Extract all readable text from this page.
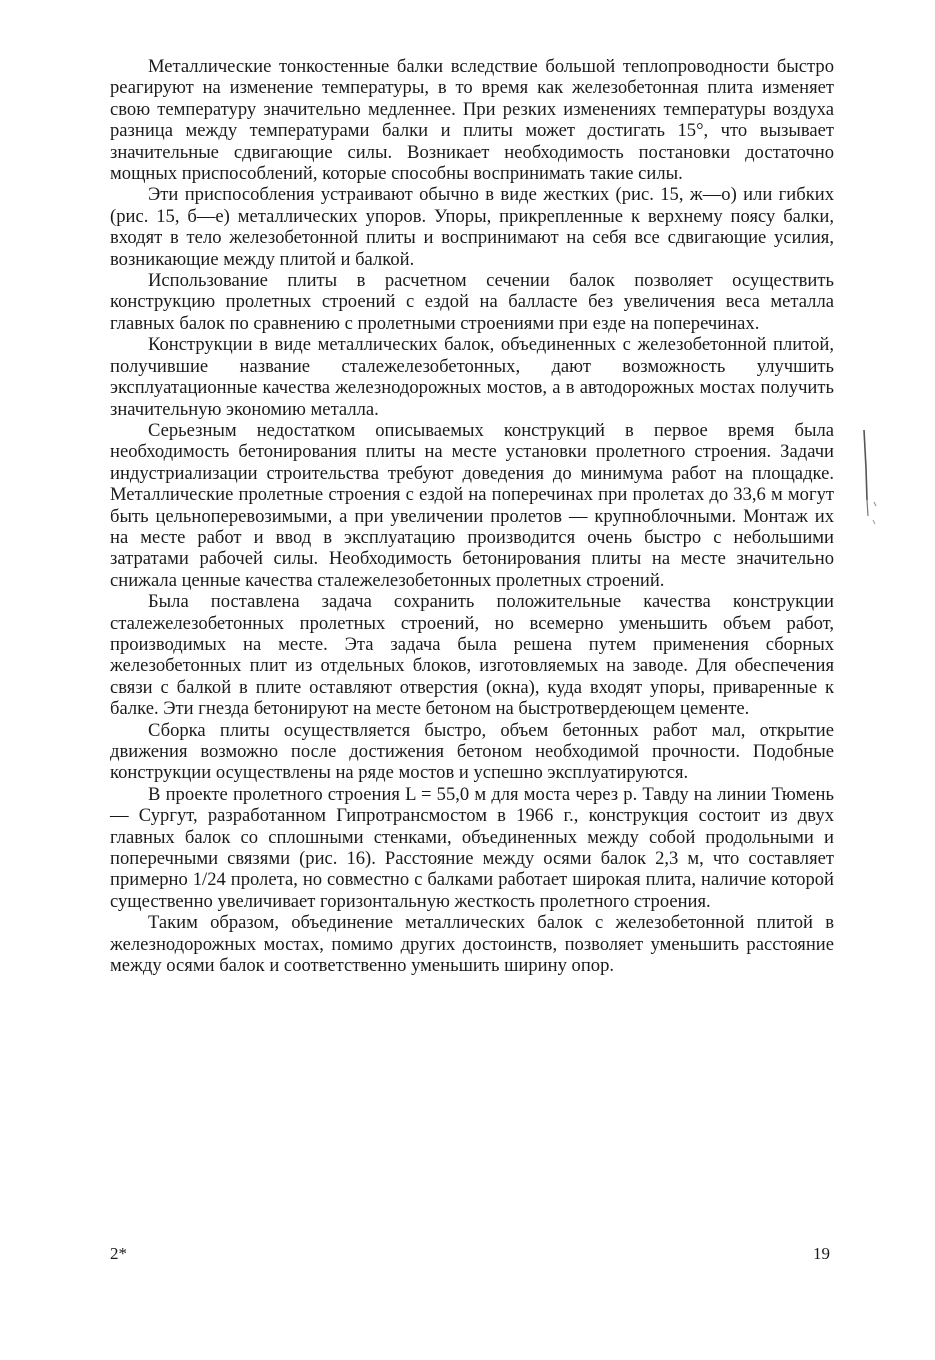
Металлические тонкостенные балки вследствие большой теплопроводности быстро реагируют на изменение температуры, в то время как железобетонная плита изменяет свою температуру значительно медленнее. При резких изменениях температуры воздуха разница между температурами балки и плиты может достигать 15°, что вызывает значительные сдвигающие силы. Возникает необходимость постановки достаточно мощных приспособлений, которые способны воспринимать такие силы.

Эти приспособления устраивают обычно в виде жестких (рис. 15, ж—о) или гибких (рис. 15, б—е) металлических упоров. Упоры, прикрепленные к верхнему поясу балки, входят в тело железобетонной плиты и воспринимают на себя все сдвигающие усилия, возникающие между плитой и балкой.

Использование плиты в расчетном сечении балок позволяет осуществить конструкцию пролетных строений с ездой на балласте без увеличения веса металла главных балок по сравнению с пролетными строениями при езде на поперечинах.

Конструкции в виде металлических балок, объединенных с железобетонной плитой, получившие название сталежелезобетонных, дают возможность улучшить эксплуатационные качества железнодорожных мостов, а в автодорожных мостах получить значительную экономию металла.

Серьезным недостатком описываемых конструкций в первое время была необходимость бетонирования плиты на месте установки пролетного строения. Задачи индустриализации строительства требуют доведения до минимума работ на площадке. Металлические пролетные строения с ездой на поперечинах при пролетах до 33,6 м могут быть цельноперевозимыми, а при увеличении пролетов — крупноблочными. Монтаж их на месте работ и ввод в эксплуатацию производится очень быстро с небольшими затратами рабочей силы. Необходимость бетонирования плиты на месте значительно снижала ценные качества сталежелезобетонных пролетных строений.

Была поставлена задача сохранить положительные качества конструкции сталежелезобетонных пролетных строений, но всемерно уменьшить объем работ, производимых на месте. Эта задача была решена путем применения сборных железобетонных плит из отдельных блоков, изготовляемых на заводе. Для обеспечения связи с балкой в плите оставляют отверстия (окна), куда входят упоры, приваренные к балке. Эти гнезда бетонируют на месте бетоном на быстротвердеющем цементе.

Сборка плиты осуществляется быстро, объем бетонных работ мал, открытие движения возможно после достижения бетоном необходимой прочности. Подобные конструкции осуществлены на ряде мостов и успешно эксплуатируются.

В проекте пролетного строения L = 55,0 м для моста через р. Тавду на линии Тюмень — Сургут, разработанном Гипротрансмостом в 1966 г., конструкция состоит из двух главных балок со сплошными стенками, объединенных между собой продольными и поперечными связями (рис. 16). Расстояние между осями балок 2,3 м, что составляет примерно 1/24 пролета, но совместно с балками работает широкая плита, наличие которой существенно увеличивает горизонтальную жесткость пролетного строения.

Таким образом, объединение металлических балок с железобетонной плитой в железнодорожных мостах, помимо других достоинств, позволяет уменьшить расстояние между осями балок и соответственно уменьшить ширину опор.

2*	19
